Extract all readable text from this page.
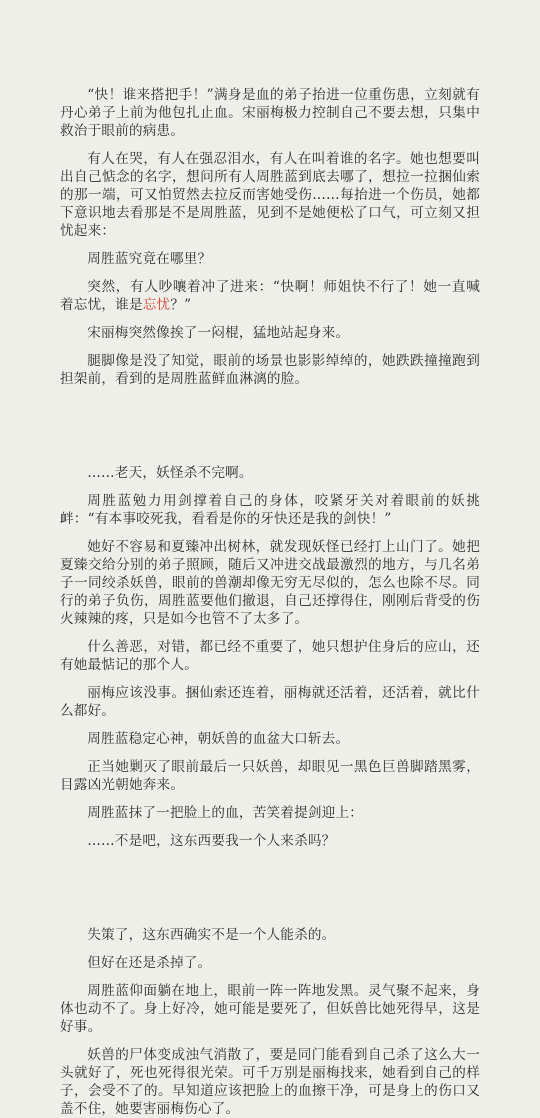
“快！谁来搭把手！”满身是血的弟子抬进一位重伤患，立刻就有丹心弟子上前为他包扎止血。宋丽梅极力控制自己不要去想，只集中救治于眼前的病患。

有人在哭，有人在强忍泪水，有人在叫着谁的名字。她也想要叫出自己惦念的名字，想问所有人周胜蓝到底去哪了，想拉一拉捆仙索的那一端，可又怕贸然去拉反而害她受伤……每抬进一个伤员，她都下意识地去看那是不是周胜蓝，见到不是她便松了口气，可立刻又担忧起来：

周胜蓝究竟在哪里？

突然，有人吵嚷着冲了进来：“快啊！师姐快不行了！她一直喊着忘忧，谁是忘忧？”

宋丽梅突然像挨了一闷棍，猛地站起身来。

腿脚像是没了知觉，眼前的场景也影影绰绰的，她跌跌撞撞跑到担架前，看到的是周胜蓝鲜血淋漓的脸。

……老天，妖怪杀不完啊。

周胜蓝勉力用剑撑着自己的身体，咬紧牙关对着眼前的妖挑衅：“有本事咬死我，看看是你的牙快还是我的剑快！”

她好不容易和夏臻冲出树林，就发现妖怪已经打上山门了。她把夏臻交给分别的弟子照顾，随后又冲进交战最激烈的地方，与几名弟子一同绞杀妖兽，眼前的兽潮却像无穷无尽似的，怎么也除不尽。同行的弟子负伤，周胜蓝要他们撤退，自己还撑得住，刚刚后背受的伤火辣辣的疼，只是如今也管不了太多了。

什么善恶，对错，都已经不重要了，她只想护住身后的应山，还有她最惦记的那个人。

丽梅应该没事。捆仙索还连着，丽梅就还活着，还活着，就比什么都好。

周胜蓝稳定心神，朝妖兽的血盆大口斩去。

正当她剿灭了眼前最后一只妖兽，却眼见一黑色巨兽脚踏黑雾，目露凶光朝她奔来。

周胜蓝抹了一把脸上的血，苦笑着提剑迎上：

……不是吧，这东西要我一个人来杀吗？

失策了，这东西确实不是一个人能杀的。

但好在还是杀掉了。

周胜蓝仰面躺在地上，眼前一阵一阵地发黑。灵气聚不起来，身体也动不了。身上好冷，她可能是要死了，但妖兽比她死得早，这是好事。

妖兽的尸体变成浊气消散了，要是同门能看到自己杀了这么大一头就好了，死也死得很光荣。可千万别是丽梅找来，她看到自己的样子，会受不了的。早知道应该把脸上的血擦干净，可是身上的伤口又盖不住，她要害丽梅伤心了。
